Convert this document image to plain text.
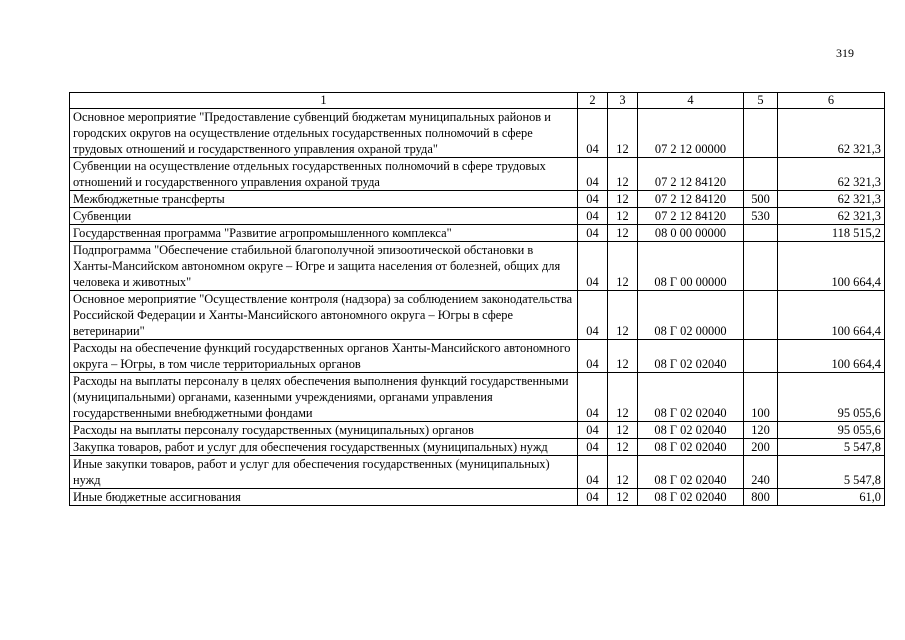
319
1	2	3	4	5	6
Основное мероприятие "Предоставление субвенций бюджетам муниципальных районов и городских округов на осуществление отдельных государственных полномочий в сфере трудовых отношений и государственного управления охраной труда"	04	12	07 2 12 00000		62 321,3
Субвенции на осуществление отдельных государственных полномочий в сфере трудовых отношений и государственного управления охраной труда	04	12	07 2 12 84120		62 321,3
Межбюджетные трансферты	04	12	07 2 12 84120	500	62 321,3
Субвенции	04	12	07 2 12 84120	530	62 321,3
Государственная программа "Развитие агропромышленного комплекса"	04	12	08 0 00 00000		118 515,2
Подпрограмма "Обеспечение стабильной благополучной эпизоотической обстановки в Ханты-Мансийском автономном округе – Югре и защита населения от болезней, общих для человека и животных"	04	12	08 Г 00 00000		100 664,4
Основное мероприятие "Осуществление контроля (надзора) за соблюдением законодательства Российской Федерации и Ханты-Мансийского автономного округа – Югры в сфере ветеринарии"	04	12	08 Г 02 00000		100 664,4
Расходы на обеспечение функций государственных органов Ханты-Мансийского автономного округа – Югры, в том числе территориальных органов	04	12	08 Г 02 02040		100 664,4
Расходы на выплаты персоналу в целях обеспечения выполнения функций государственными (муниципальными) органами, казенными учреждениями, органами управления государственными внебюджетными фондами	04	12	08 Г 02 02040	100	95 055,6
Расходы на выплаты персоналу государственных (муниципальных) органов	04	12	08 Г 02 02040	120	95 055,6
Закупка товаров, работ и услуг для обеспечения государственных (муниципальных) нужд	04	12	08 Г 02 02040	200	5 547,8
Иные закупки товаров, работ и услуг для обеспечения государственных (муниципальных) нужд	04	12	08 Г 02 02040	240	5 547,8
Иные бюджетные ассигнования	04	12	08 Г 02 02040	800	61,0
